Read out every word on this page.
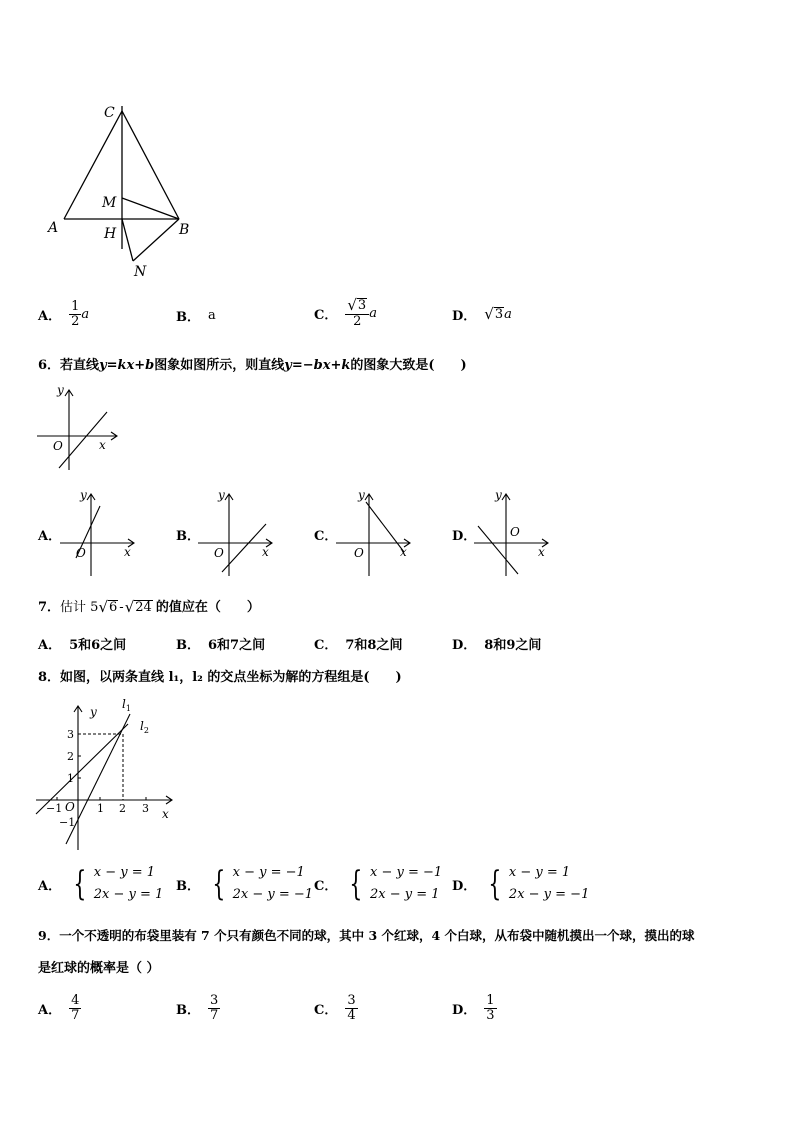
C
M
A	H	B
N
A． $\frac{1}{2}$ a	B． a	C． $\frac{√ 3}{2}$ a	D． √ 3 a
6．若直线y=kx+b图象如图所示，则直线y=−bx+k的图象大致是(　　)
y
x
O
A．
y
x
O
B．
y
x
O
C．
y
x
O
D．
y
x
O
7． 估计 5 √ 6 - √ 24 的值应在（　　）
A． 5和6之间	B． 6和7之间	C． 7和8之间	D． 8和9之间
8．如图，以两条直线 l₁，l₂ 的交点坐标为解的方程组是(　　)
−1	1 2 3
1
2
3
−1
O
y
x
$l_1$
$l_2$
A． { x − y = 1
2x − y = 1
B． { x − y = −1
2x − y = −1
C． { x − y = −1
2x − y = 1
D． { x − y = 1
2x − y = −1
9．一个不透明的布袋里装有 7 个只有颜色不同的球，其中 3 个红球，4 个白球，从布袋中随机摸出一个球，摸出的球
是红球的概率是（ ）
A． $\frac{4}{7}$	B． $\frac{3}{7}$	C． $\frac{3}{4}$	D． $\frac{1}{3}$
